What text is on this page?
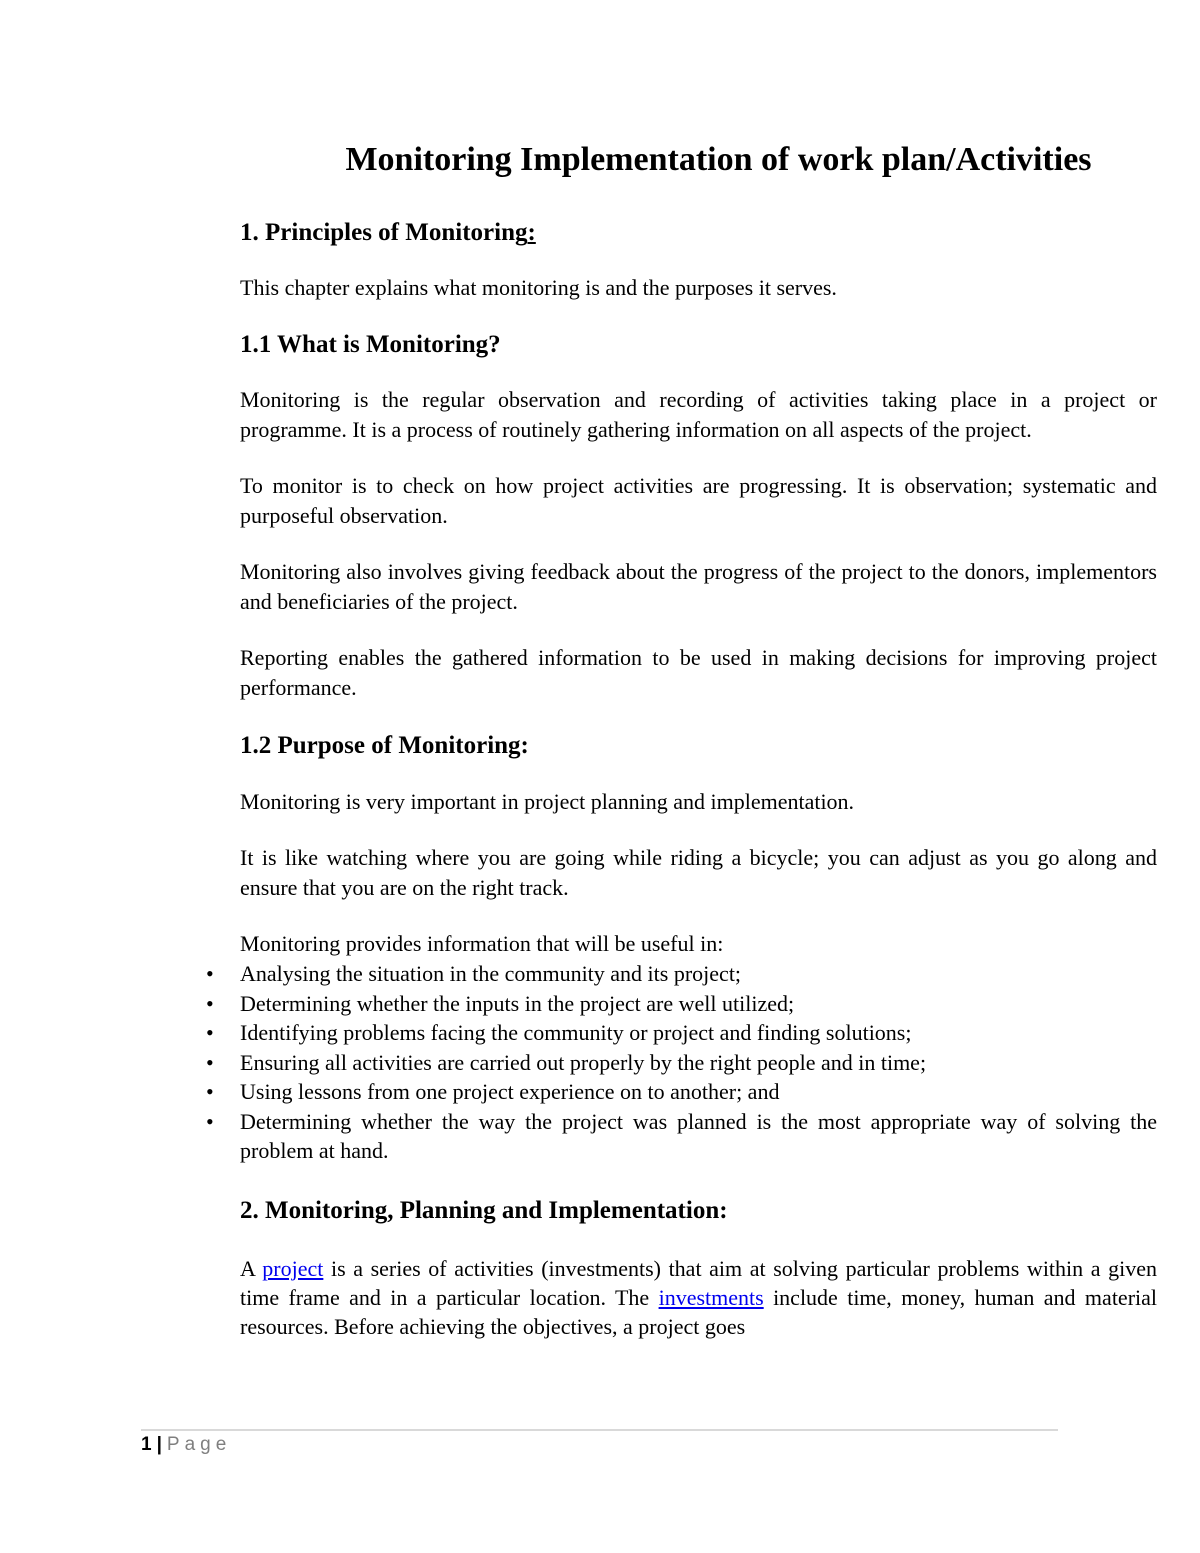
Monitoring Implementation of work plan/Activities
1. Principles of Monitoring:

This chapter explains what monitoring is and the purposes it serves.

1.1 What is Monitoring?

Monitoring is the regular observation and recording of activities taking place in a project or programme. It is a process of routinely gathering information on all aspects of the project.

To monitor is to check on how project activities are progressing. It is observation; systematic and purposeful observation.

Monitoring also involves giving feedback about the progress of the project to the donors, implementors and beneficiaries of the project.

Reporting enables the gathered information to be used in making decisions for improving project performance.

1.2 Purpose of Monitoring:

Monitoring is very important in project planning and implementation.

It is like watching where you are going while riding a bicycle; you can adjust as you go along and ensure that you are on the right track.

Monitoring provides information that will be useful in:

• Analysing the situation in the community and its project;
• Determining whether the inputs in the project are well utilized;
• Identifying problems facing the community or project and finding solutions;
• Ensuring all activities are carried out properly by the right people and in time;
• Using lessons from one project experience on to another; and
• Determining whether the way the project was planned is the most appropriate way of solving the problem at hand.
2. Monitoring, Planning and Implementation:

A project is a series of activities (investments) that aim at solving particular problems within a given time frame and in a particular location. The investments include time, money, human and material resources. Before achieving the objectives, a project goes

1 | Page
